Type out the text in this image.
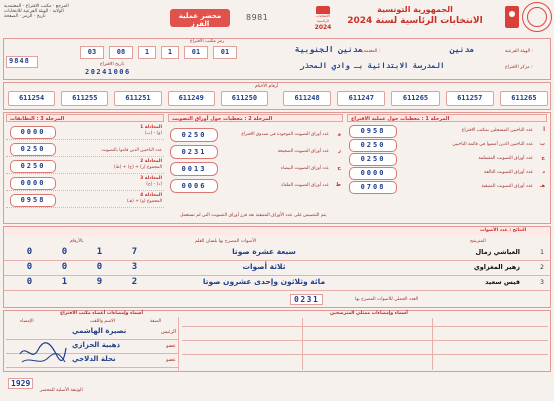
المرجع · مكتب الاقتراع · المعتمدية
الولاية · الهيئة الفرعية للانتخابات
تاريخ · الرمز · الصفحة	محضر عملية الفرز
8981	الانتخابات الرئاسية
2024
الجمهورية التونسية
الانتخابات الرئاسية لسنة 2024
الهيئة الفرعية :
مدنين
المعتمدية :
مدنين الجنوبية
مركز الاقتراع :
المدرسة الابتدائية بـ وادي المحذر
رمز مكتب الاقتراع
03	08	1	1	01	01
تاريخ الاقتراع
20241006
9848
أرقام الأختام
611254	611255	611251	611249	611250	611248	611247	611265	611257	611265
المرحلة 1 : معطيات حول عملية الاقتراع
المرحلة 2 : معطيات حول أوراق التصويت
المرحلة 3 : التطابقات
أ
عدد الناخبين المسجلين بمكتب الاقتراع
0958
ب
عدد الناخبين الذين أمضوا في قائمة الناخبين
0250
ج
عدد أوراق التصويت المتسلمة
0250
د
عدد أوراق التصويت التالفة
0000
هـ
عدد أوراق التصويت المتبقية
0708
و
عدد أوراق التصويت الموجودة في صندوق الاقتراع
0250
ز
عدد أوراق التصويت الصحيحة
0231
ح
عدد أوراق التصويت البيضاء
0013
ط
عدد أوراق التصويت الملغاة
0006
المعادلة 1
(ب) - (و)
0000
عدد الناخبين الذين قاموا بالتصويت
0250
المعادلة 2
المجموع (ز) + (ح) + (ط)
0250
المعادلة 3
(ج) - (د)
0000
المعادلة 4
المجموع (و) + (هـ)
0958
يتم التنصيص على عدد الأوراق المتبقية بعد فرز أوراق التصويت التي لم تستعمل
النتائج : عدد الأصوات
المترشح
الأصوات المصرح بها بلسان القلم
بالأرقام
1
العياشي زمال
سبعة عشرة صوتا
0	0	1	7
2
زهير المغزاوي
ثلاثة أصوات
0	0	0	3
3
قيس سعيد
مائة وثلاثون وإحدى عشرون صوتا
0	1	9	2
العدد الجملي للأصوات المصرح بها
0231
أسماء وإمضاءات ممثلي المترشحين
أسماء وإمضاءات أعضاء مكتب الاقتراع
الصفة
الاسم واللقب
الإمضاء
الرئيس
نصيرة الهاشمي
عضو
ذهبية الحزازي
عضو
نحلة الدلاجي
1929
الوثيقة الأصلية للمحضر
